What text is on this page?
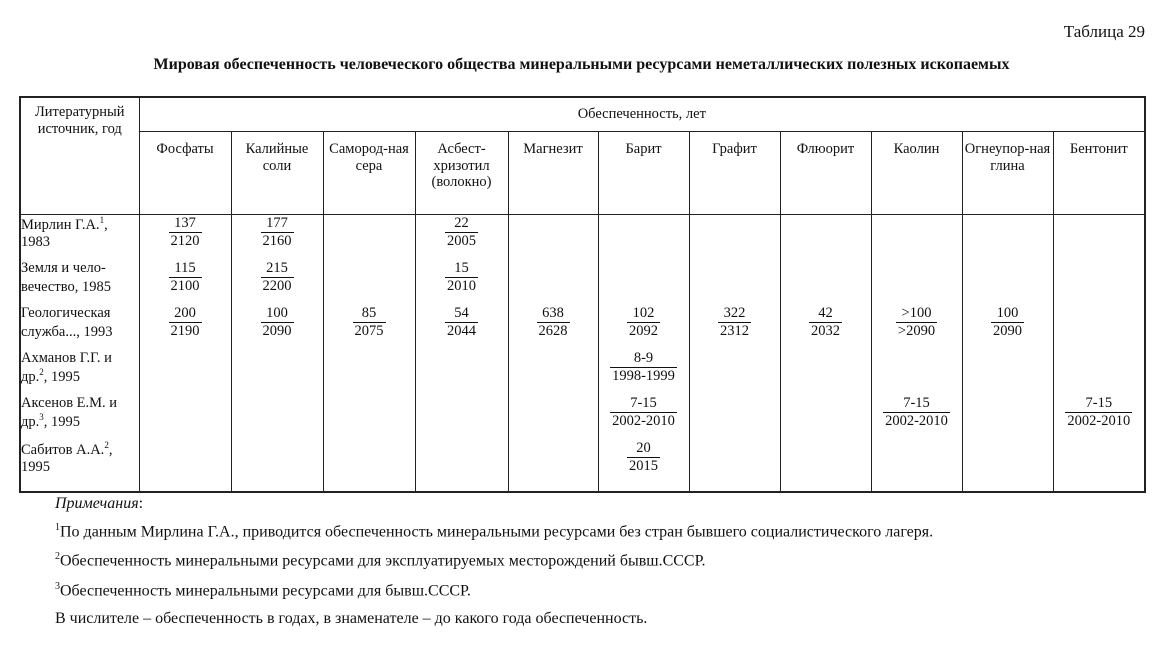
Таблица 29
Мировая обеспеченность человеческого общества минеральными ресурсами неметаллических полезных ископаемых
Литературный источник, год	Обеспеченность, лет										
	Фосфаты	Калийные соли	Самород-ная сера	Асбест-хризотил (волокно)	Магнезит	Барит	Графит	Флюорит	Каолин	Огнеупор-ная глина	Бентонит
Мирлин Г.А.$^1$, 1983	$\frac{137}{2120}$	$\frac{177}{2160}$		$\frac{22}{2005}$

Земля и чело-вечество, 1985	$\frac{115}{2100}$	$\frac{215}{2200}$		$\frac{15}{2010}$

Геологическая служба..., 1993	$\frac{200}{2190}$	$\frac{100}{2090}$	$\frac{85}{2075}$	$\frac{54}{2044}$	$\frac{638}{2628}$	$\frac{102}{2092}$	$\frac{322}{2312}$	$\frac{42}{2032}$	$\frac{>100}{>2090}$	$\frac{100}{2090}$

Ахманов Г.Г. и др.$^2$, 1995						$\frac{8-9}{1998-1999}$

Аксенов Е.М. и др.$^3$, 1995						$\frac{7-15}{2002-2010}$			$\frac{7-15}{2002-2010}$		$\frac{7-15}{2002-2010}$

Сабитов А.А.$^2$, 1995						$\frac{20}{2015}$

Примечания:
$^1$По данным Мирлина Г.А., приводится обеспеченность минеральными ресурсами без стран бывшего социалистического лагеря.
$^2$Обеспеченность минеральными ресурсами для эксплуатируемых месторождений бывш.СССР.
$^3$Обеспеченность минеральными ресурсами для бывш.СССР.
В числителе – обеспеченность в годах, в знаменателе – до какого года обеспеченность.
